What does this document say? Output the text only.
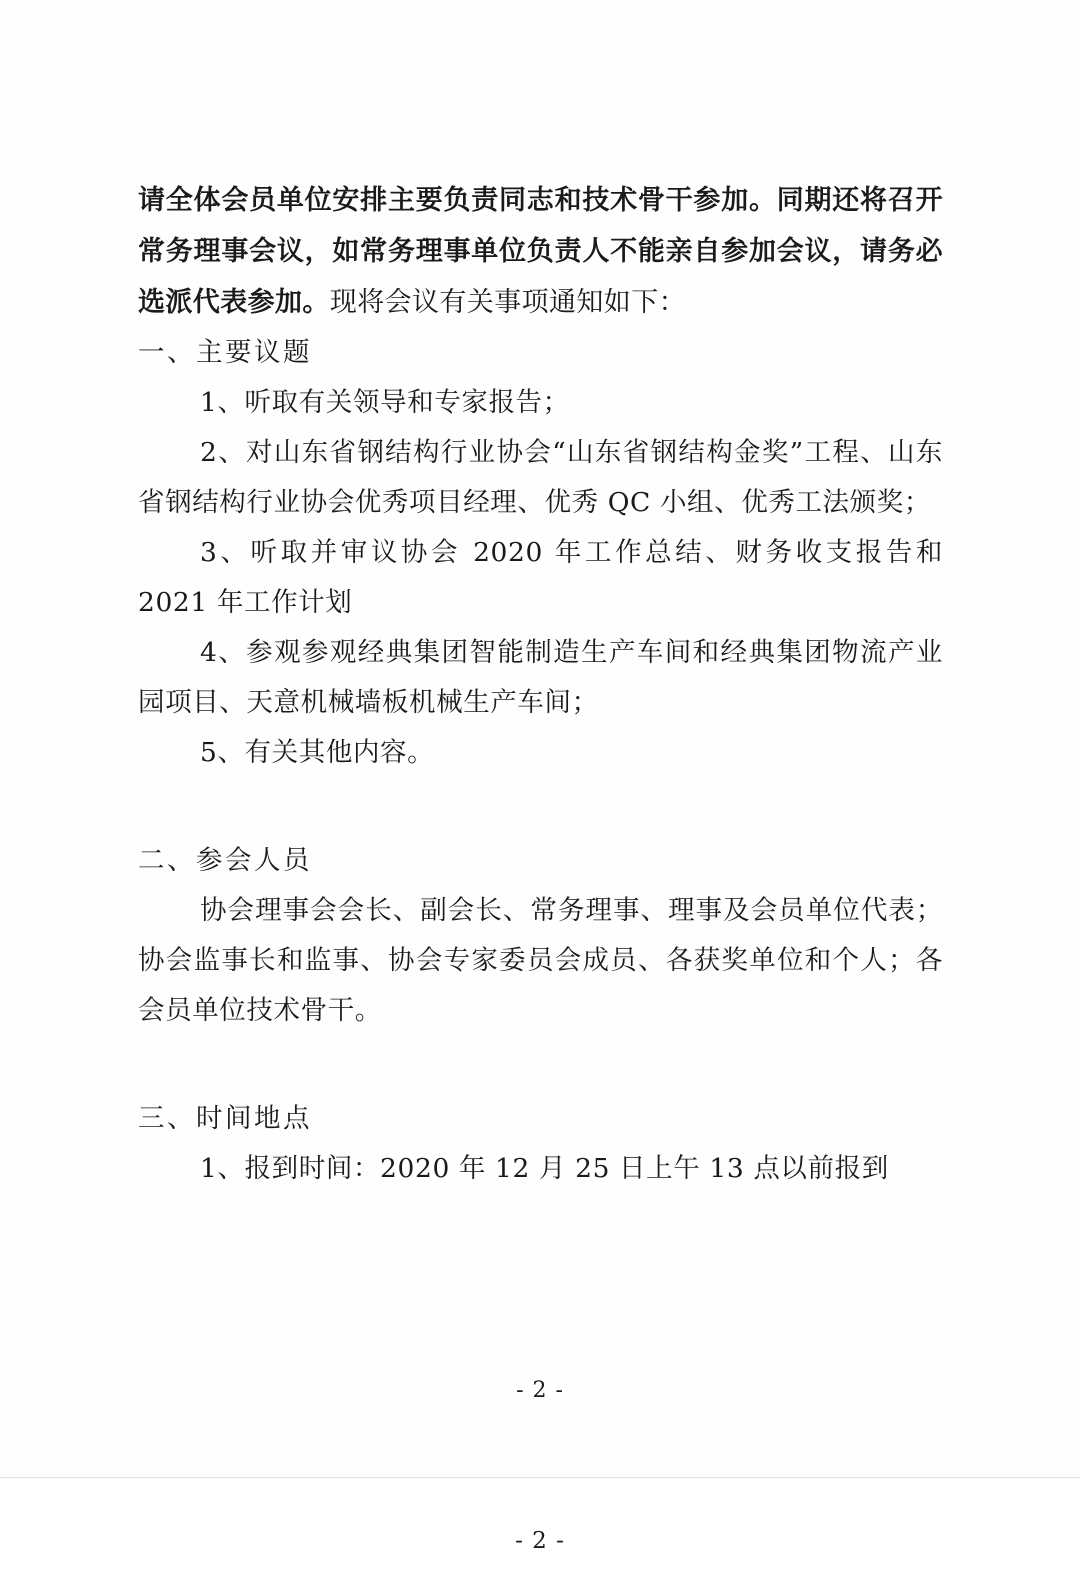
请全体会员单位安排主要负责同志和技术骨干参加。同期还将召开常务理事会议，如常务理事单位负责人不能亲自参加会议，请务必选派代表参加。现将会议有关事项通知如下：

一、主要议题

1、听取有关领导和专家报告；

2、对山东省钢结构行业协会“山东省钢结构金奖”工程、山东省钢结构行业协会优秀项目经理、优秀 QC 小组、优秀工法颁奖；

3、听取并审议协会 2020 年工作总结、财务收支报告和 2021 年工作计划

4、参观参观经典集团智能制造生产车间和经典集团物流产业园项目、天意机械墙板机械生产车间；

5、有关其他内容。

二、参会人员

协会理事会会长、副会长、常务理事、理事及会员单位代表；协会监事长和监事、协会专家委员会成员、各获奖单位和个人；各会员单位技术骨干。

三、时间地点

1、报到时间：2020 年 12 月 25 日上午 13 点以前报到

- 2 -
- 2 -
